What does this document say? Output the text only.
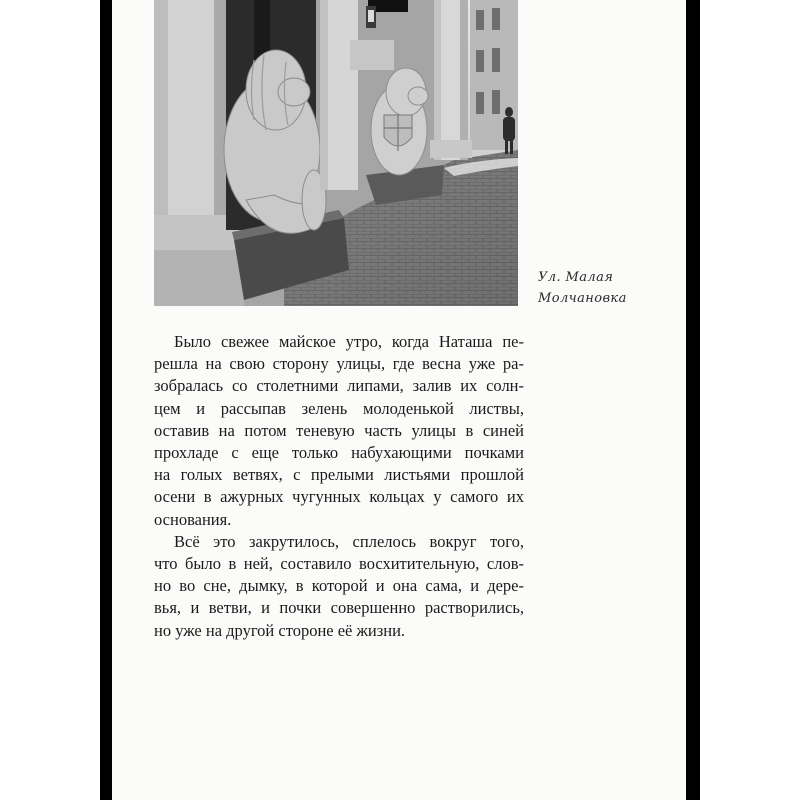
Ул. Малая
Молчановка
Было свежее майское утро, когда Наташа пе-
решла на свою сторону улицы, где весна уже ра-
зобралась со столетними липами, залив их солн-
цем и рассыпав зелень молоденькой листвы,
оставив на потом теневую часть улицы в синей
прохладе с еще только набухающими почками
на голых ветвях, с прелыми листьями прошлой
осени в ажурных чугунных кольцах у самого их
основания.
Всё это закрутилось, сплелось вокруг того,
что было в ней, составило восхитительную, слов-
но во сне, дымку, в которой и она сама, и дере-
вья, и ветви, и почки совершенно растворились,
но уже на другой стороне её жизни.
